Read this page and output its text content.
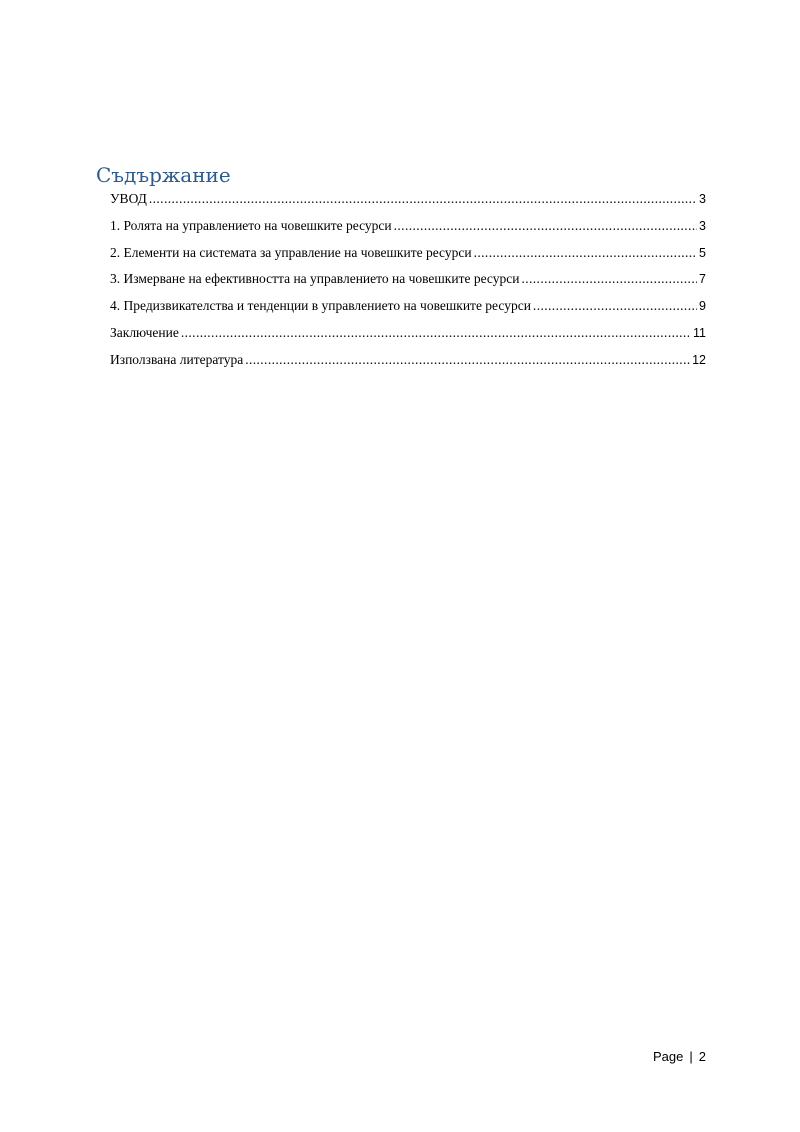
Съдържание
УВОД .....	3
1. Ролята на управлението на човешките ресурси .....	3
2. Елементи на системата за управление на човешките ресурси .....	5
3. Измерване на ефективността на управлението на човешките ресурси .....	7
4. Предизвикателства и тенденции в управлението на човешките ресурси .....	9
Заключение .....	11
Използвана литература .....	12
Page | 2
